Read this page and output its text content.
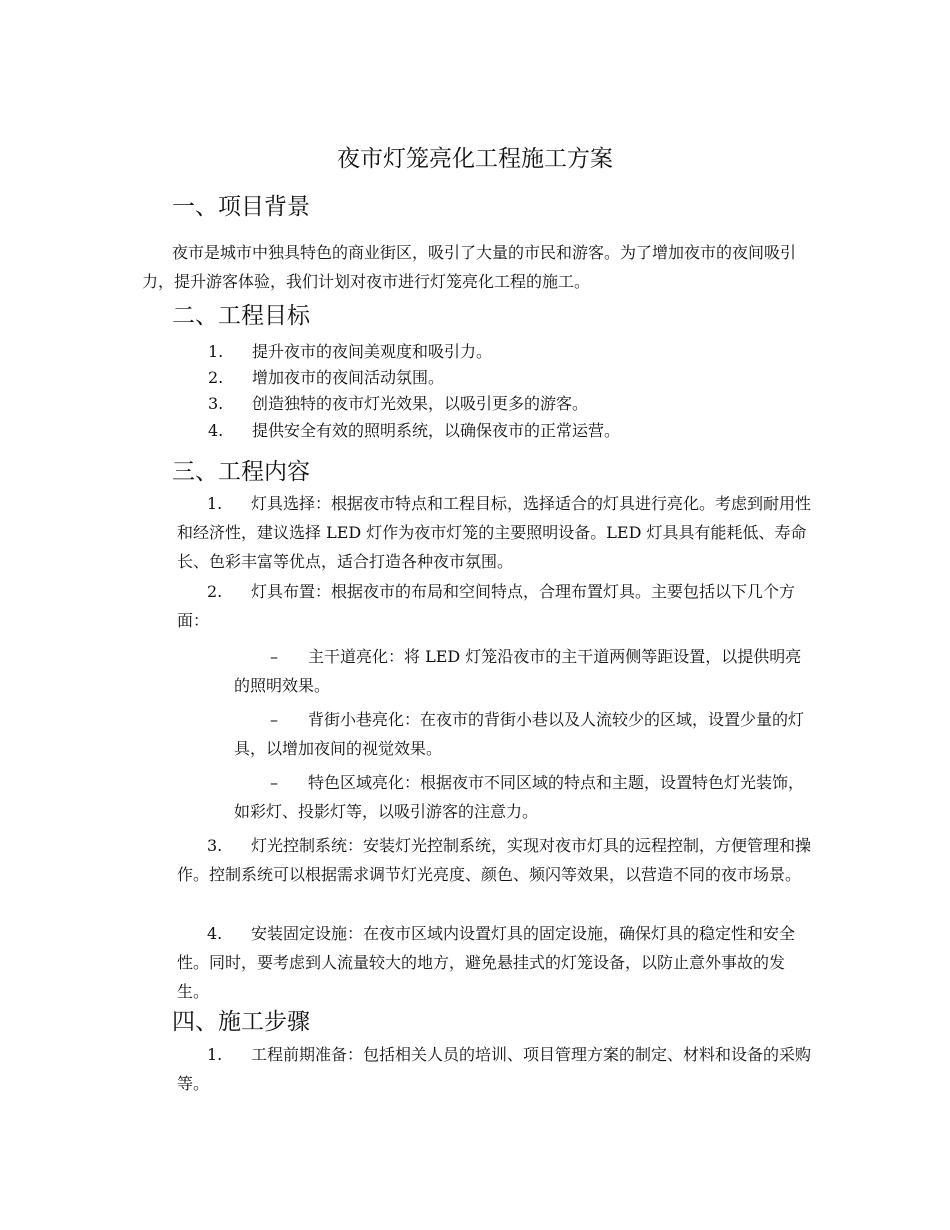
夜市灯笼亮化工程施工方案
一、项目背景

夜市是城市中独具特色的商业街区，吸引了大量的市民和游客。为了增加夜市的夜间吸引力，提升游客体验，我们计划对夜市进行灯笼亮化工程的施工。

二、工程目标
1. 提升夜市的夜间美观度和吸引力。
2. 增加夜市的夜间活动氛围。
3. 创造独特的夜市灯光效果，以吸引更多的游客。
4. 提供安全有效的照明系统，以确保夜市的正常运营。
三、工程内容

1. 灯具选择：根据夜市特点和工程目标，选择适合的灯具进行亮化。考虑到耐用性和经济性，建议选择 LED 灯作为夜市灯笼的主要照明设备。LED 灯具具有能耗低、寿命长、色彩丰富等优点，适合打造各种夜市氛围。

2. 灯具布置：根据夜市的布局和空间特点，合理布置灯具。主要包括以下几个方面：

– 主干道亮化：将 LED 灯笼沿夜市的主干道两侧等距设置，以提供明亮的照明效果。

– 背街小巷亮化：在夜市的背街小巷以及人流较少的区域，设置少量的灯具，以增加夜间的视觉效果。

– 特色区域亮化：根据夜市不同区域的特点和主题，设置特色灯光装饰，如彩灯、投影灯等，以吸引游客的注意力。

3. 灯光控制系统：安装灯光控制系统，实现对夜市灯具的远程控制，方便管理和操作。控制系统可以根据需求调节灯光亮度、颜色、频闪等效果，以营造不同的夜市场景。

4. 安装固定设施：在夜市区域内设置灯具的固定设施，确保灯具的稳定性和安全性。同时，要考虑到人流量较大的地方，避免悬挂式的灯笼设备，以防止意外事故的发生。

四、施工步骤

1. 工程前期准备：包括相关人员的培训、项目管理方案的制定、材料和设备的采购等。
